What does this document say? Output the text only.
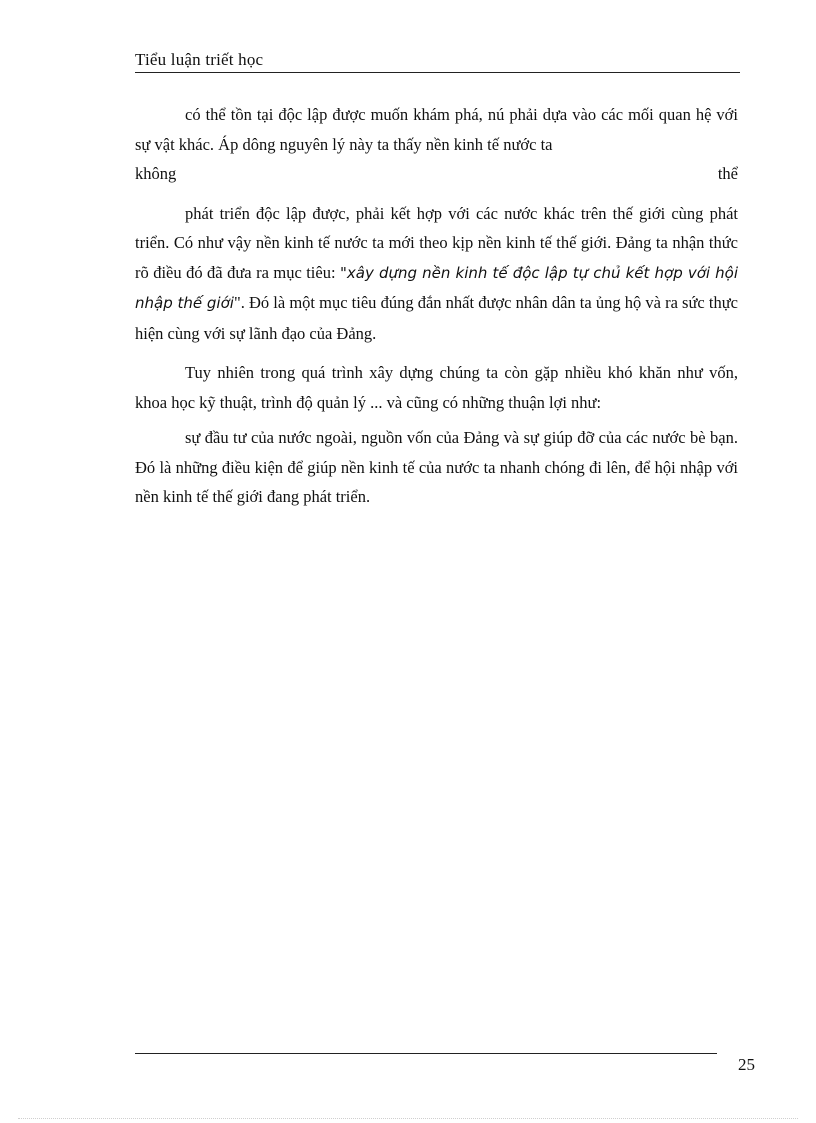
Tiểu luận triết học

có thể tồn tại độc lập được muốn khám phá, nú phải dựa vào các mối quan hệ với sự vật khác. Áp dông nguyên lý này ta thấy nền kinh tế nước ta

không	thể

phát triển độc lập được, phải kết hợp với các nước khác trên thế giới cùng phát triển. Có như vậy nền kinh tế nước ta mới theo kịp nền kinh tế thế giới. Đảng ta nhận thức rõ điều đó đã đưa ra mục tiêu: "xây dựng nền kinh tế độc lập tự chủ kết hợp với hội nhập thế giới". Đó là một mục tiêu đúng đắn nhất được nhân dân ta ủng hộ và ra sức thực hiện cùng với sự lãnh đạo của Đảng.

Tuy nhiên trong quá trình xây dựng chúng ta còn gặp nhiều khó khăn như vốn, khoa học kỹ thuật, trình độ quản lý ... và cũng có những thuận lợi như:

sự đầu tư của nước ngoài, nguồn vốn của Đảng và sự giúp đỡ của các nước bè bạn. Đó là những điều kiện để giúp nền kinh tế của nước ta nhanh chóng đi lên, để hội nhập với nền kinh tế thế giới đang phát triển.

25
